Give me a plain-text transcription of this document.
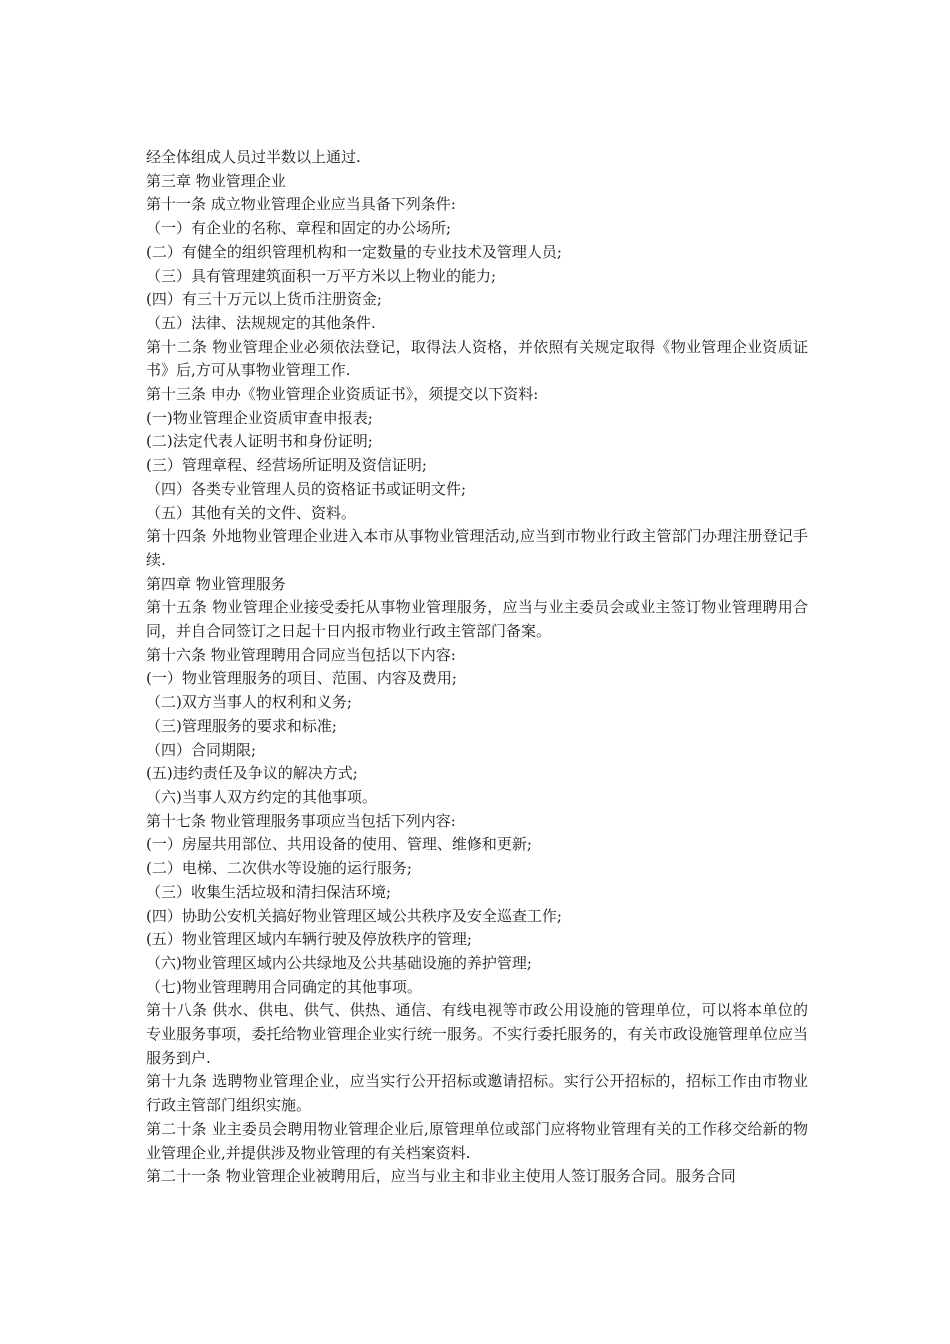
经全体组成人员过半数以上通过.

第三章 物业管理企业

第十一条 成立物业管理企业应当具备下列条件:

（一）有企业的名称、章程和固定的办公场所;

(二）有健全的组织管理机构和一定数量的专业技术及管理人员;

（三）具有管理建筑面积一万平方米以上物业的能力;

(四）有三十万元以上货币注册资金;

（五）法律、法规规定的其他条件.

第十二条 物业管理企业必须依法登记，取得法人资格，并依照有关规定取得《物业管理企业资质证书》后,方可从事物业管理工作.

第十三条 申办《物业管理企业资质证书》，须提交以下资料:

(一)物业管理企业资质审查申报表;

(二)法定代表人证明书和身份证明;

(三）管理章程、经营场所证明及资信证明;

（四）各类专业管理人员的资格证书或证明文件;

（五）其他有关的文件、资料。

第十四条 外地物业管理企业进入本市从事物业管理活动,应当到市物业行政主管部门办理注册登记手续.

第四章 物业管理服务

第十五条 物业管理企业接受委托从事物业管理服务，应当与业主委员会或业主签订物业管理聘用合同，并自合同签订之日起十日内报市物业行政主管部门备案。

第十六条 物业管理聘用合同应当包括以下内容:

(一）物业管理服务的项目、范围、内容及费用;

（二)双方当事人的权利和义务;

（三)管理服务的要求和标准;

（四）合同期限;

(五)违约责任及争议的解决方式;

（六)当事人双方约定的其他事项。

第十七条 物业管理服务事项应当包括下列内容:

(一）房屋共用部位、共用设备的使用、管理、维修和更新;

(二）电梯、二次供水等设施的运行服务;

（三）收集生活垃圾和清扫保洁环境;

(四）协助公安机关搞好物业管理区域公共秩序及安全巡查工作;

(五）物业管理区域内车辆行驶及停放秩序的管理;

（六)物业管理区域内公共绿地及公共基础设施的养护管理;

（七)物业管理聘用合同确定的其他事项。

第十八条 供水、供电、供气、供热、通信、有线电视等市政公用设施的管理单位，可以将本单位的专业服务事项，委托给物业管理企业实行统一服务。不实行委托服务的，有关市政设施管理单位应当服务到户.

第十九条 选聘物业管理企业，应当实行公开招标或邀请招标。实行公开招标的，招标工作由市物业行政主管部门组织实施。

第二十条 业主委员会聘用物业管理企业后,原管理单位或部门应将物业管理有关的工作移交给新的物业管理企业,并提供涉及物业管理的有关档案资料.

第二十一条 物业管理企业被聘用后，应当与业主和非业主使用人签订服务合同。服务合同
